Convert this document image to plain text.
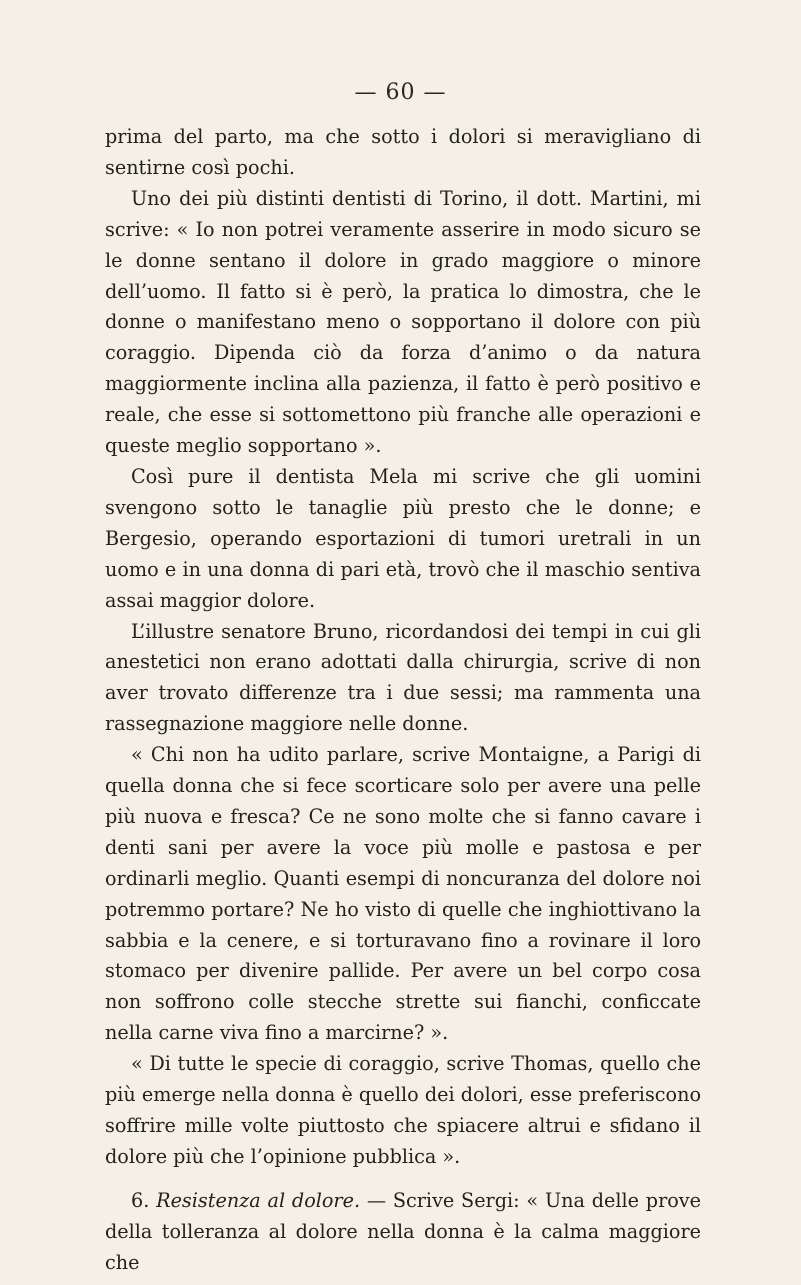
— 60 —

prima del parto, ma che sotto i dolori si meravigliano di sentirne così pochi.

Uno dei più distinti dentisti di Torino, il dott. Martini, mi scrive: « Io non potrei veramente asserire in modo sicuro se le donne sentano il dolore in grado maggiore o minore dell’uomo. Il fatto si è però, la pratica lo dimostra, che le donne o manifestano meno o sopportano il dolore con più coraggio. Dipenda ciò da forza d’animo o da natura maggiormente inclina alla pazienza, il fatto è però positivo e reale, che esse si sottomettono più franche alle operazioni e queste meglio sopportano ».

Così pure il dentista Mela mi scrive che gli uomini svengono sotto le tanaglie più presto che le donne; e Bergesio, operando esportazioni di tumori uretrali in un uomo e in una donna di pari età, trovò che il maschio sentiva assai maggior dolore.

L’illustre senatore Bruno, ricordandosi dei tempi in cui gli anestetici non erano adottati dalla chirurgia, scrive di non aver trovato differenze tra i due sessi; ma rammenta una rassegnazione maggiore nelle donne.

« Chi non ha udito parlare, scrive Montaigne, a Parigi di quella donna che si fece scorticare solo per avere una pelle più nuova e fresca? Ce ne sono molte che si fanno cavare i denti sani per avere la voce più molle e pastosa e per ordinarli meglio. Quanti esempi di noncuranza del dolore noi potremmo portare? Ne ho visto di quelle che inghiottivano la sabbia e la cenere, e si torturavano fino a rovinare il loro stomaco per divenire pallide. Per avere un bel corpo cosa non soffrono colle stecche strette sui fianchi, conficcate nella carne viva fino a marcirne? ».

« Di tutte le specie di coraggio, scrive Thomas, quello che più emerge nella donna è quello dei dolori, esse preferiscono soffrire mille volte piuttosto che spiacere altrui e sfidano il dolore più che l’opinione pubblica ».

6. Resistenza al dolore. — Scrive Sergi: « Una delle prove della tolleranza al dolore nella donna è la calma maggiore che
